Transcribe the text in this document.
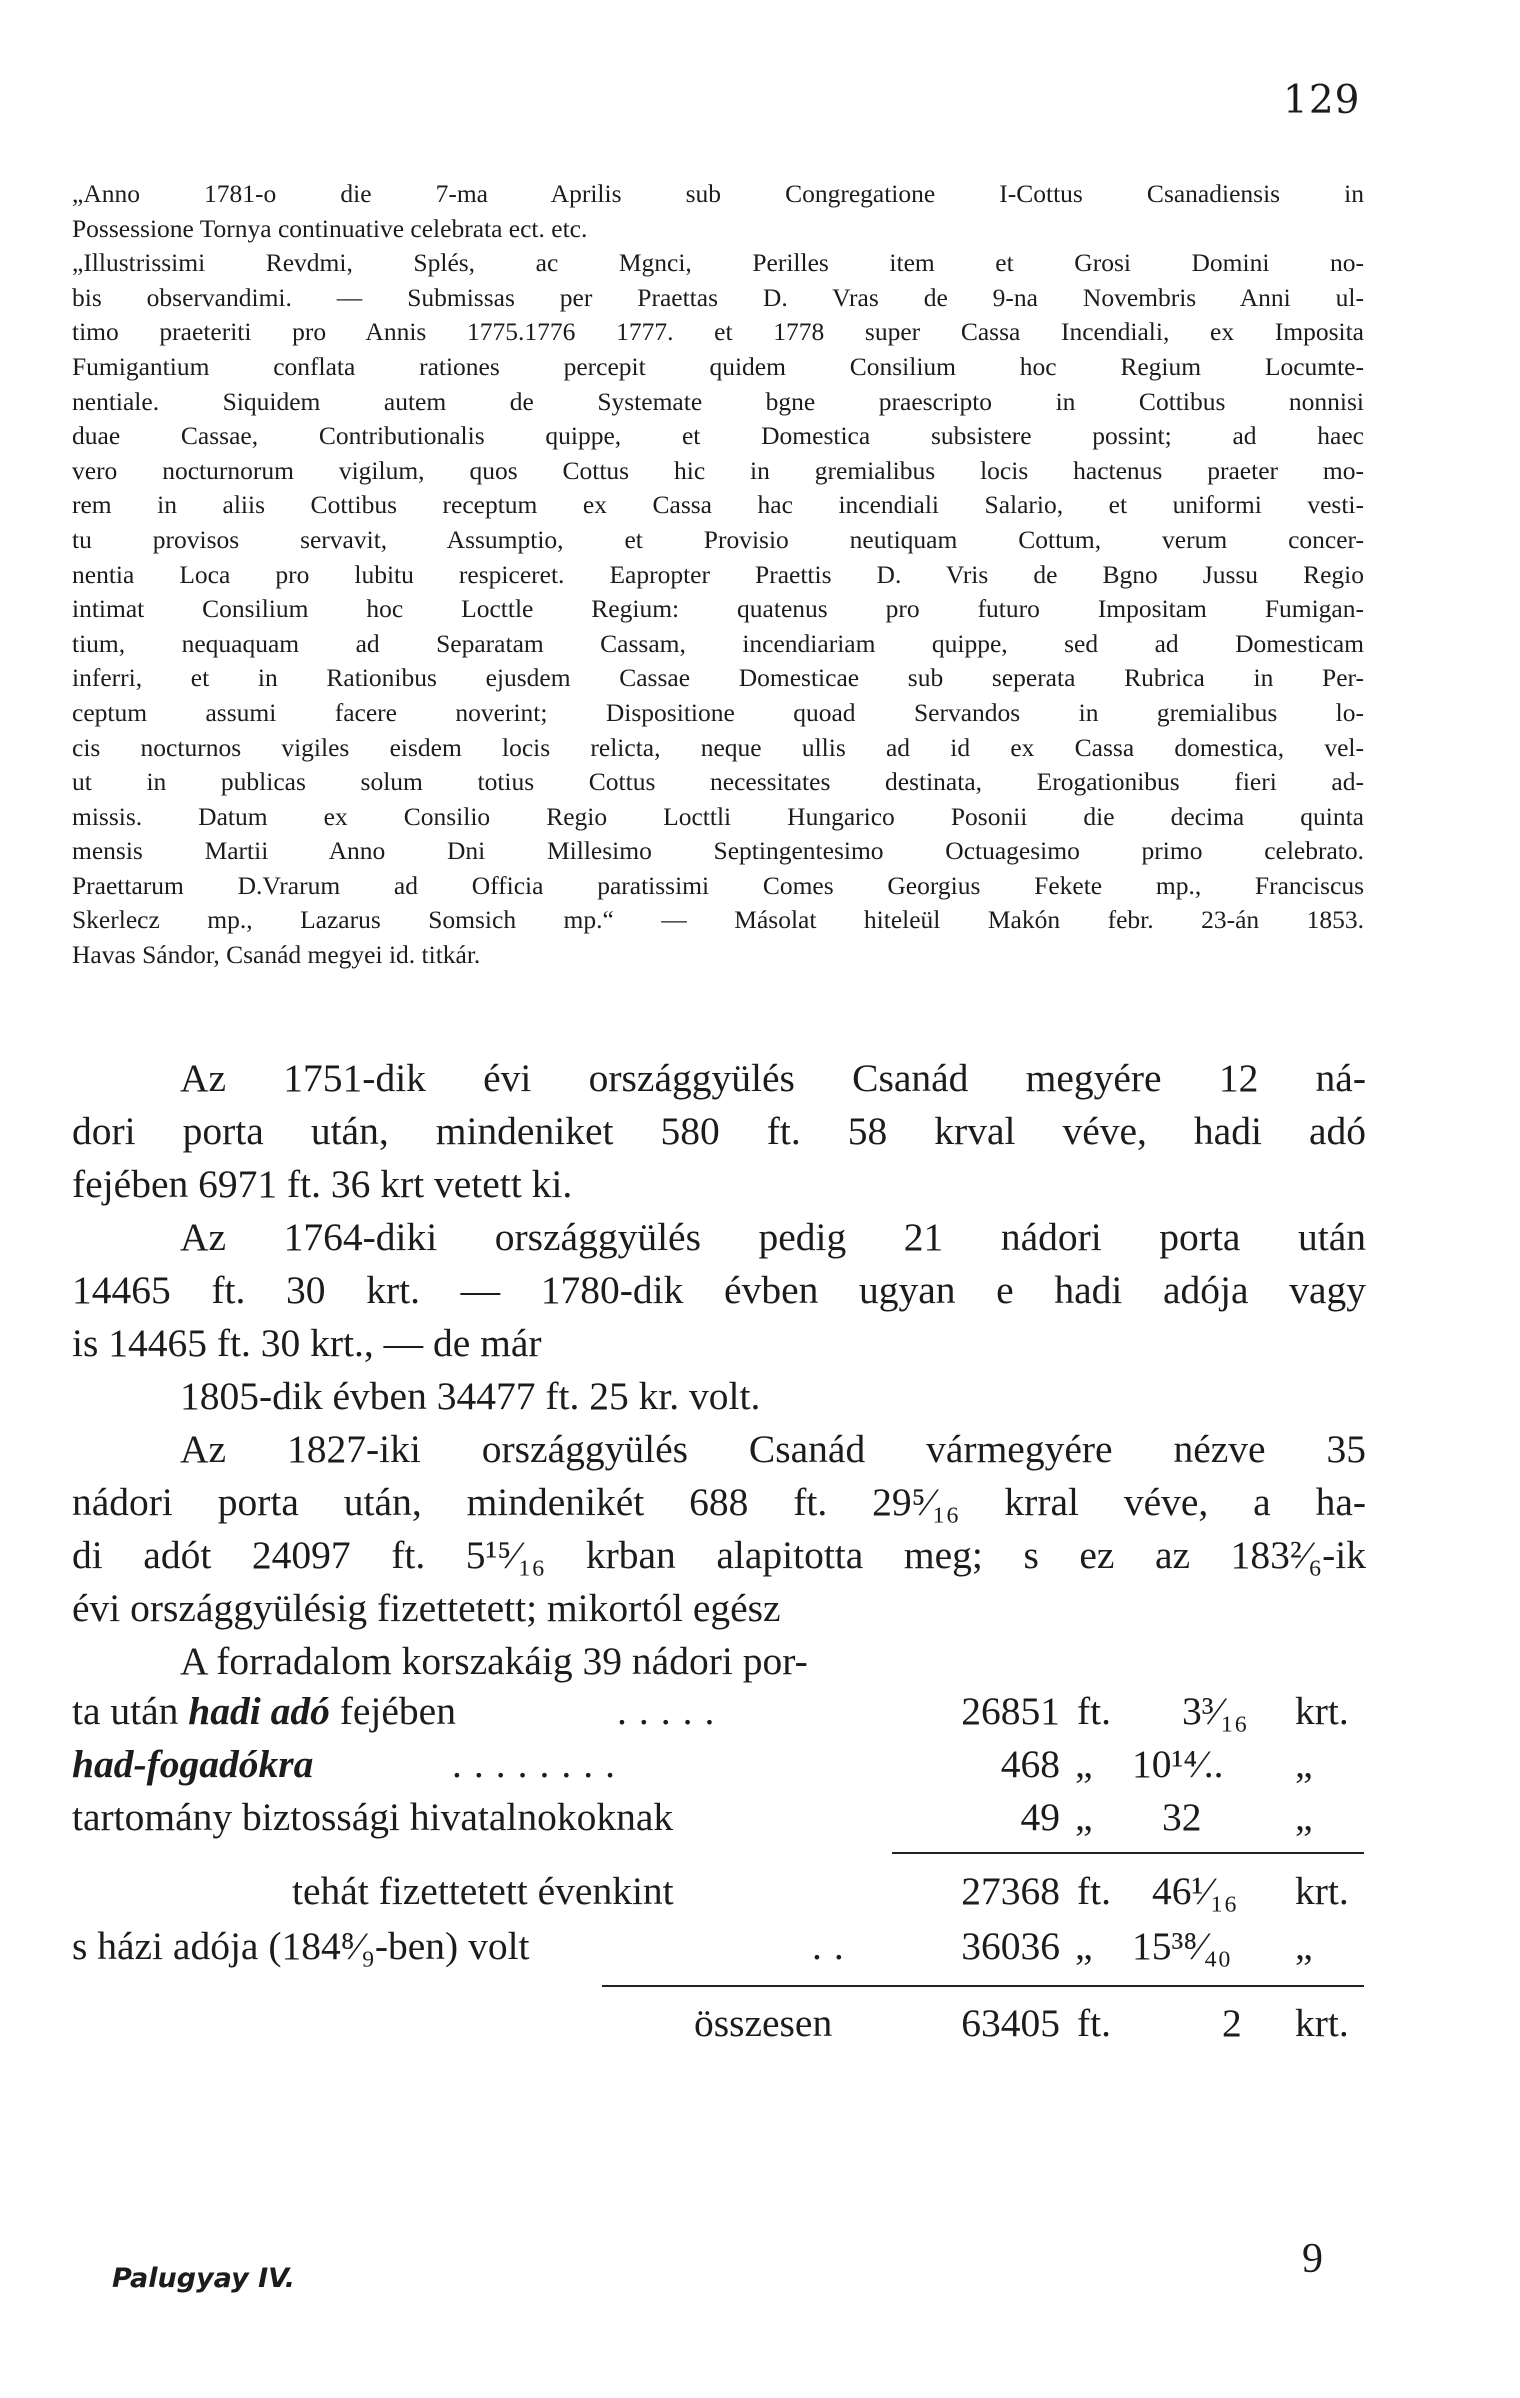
129
„Anno 1781-o die 7-ma Aprilis sub Congregatione I-Cottus Csanadiensis in
Possessione Tornya continuative celebrata ect. etc.
„Illustrissimi Revdmi, Splés, ac Mgnci, Perilles item et Grosi Domini no-
bis observandimi. — Submissas per Praettas D. Vras de 9-na Novembris Anni ul-
timo praeteriti pro Annis 1775.1776 1777. et 1778 super Cassa Incendiali, ex Imposita
Fumigantium conflata rationes percepit quidem Consilium hoc Regium Locumte-
nentiale. Siquidem autem de Systemate bgne praescripto in Cottibus nonnisi
duae Cassae, Contributionalis quippe, et Domestica subsistere possint; ad haec
vero nocturnorum vigilum, quos Cottus hic in gremialibus locis hactenus praeter mo-
rem in aliis Cottibus receptum ex Cassa hac incendiali Salario, et uniformi vesti-
tu provisos servavit, Assumptio, et Provisio neutiquam Cottum, verum concer-
nentia Loca pro lubitu respiceret. Eapropter Praettis D. Vris de Bgno Jussu Regio
intimat Consilium hoc Locttle Regium: quatenus pro futuro Impositam Fumigan-
tium, nequaquam ad Separatam Cassam, incendiariam quippe, sed ad Domesticam
inferri, et in Rationibus ejusdem Cassae Domesticae sub seperata Rubrica in Per-
ceptum assumi facere noverint; Dispositione quoad Servandos in gremialibus lo-
cis nocturnos vigiles eisdem locis relicta, neque ullis ad id ex Cassa domestica, vel-
ut in publicas solum totius Cottus necessitates destinata, Erogationibus fieri ad-
missis. Datum ex Consilio Regio Locttli Hungarico Posonii die decima quinta
mensis Martii Anno Dni Millesimo Septingentesimo Octuagesimo primo celebrato.
Praettarum D.Vrarum ad Officia paratissimi Comes Georgius Fekete mp., Franciscus
Skerlecz mp., Lazarus Somsich mp.“ — Másolat hiteleül Makón febr. 23-án 1853.
Havas Sándor, Csanád megyei id. titkár.
Az 1751-dik évi országgyülés Csanád megyére 12 ná-
dori porta után, mindeniket 580 ft. 58 krval véve, hadi adó
fejében 6971 ft. 36 krt vetett ki.
Az 1764-diki országgyülés pedig 21 nádori porta után
14465 ft. 30 krt. — 1780-dik évben ugyan e hadi adója vagy
is 14465 ft. 30 krt., — de már
1805-dik évben 34477 ft. 25 kr. volt.
Az 1827-iki országgyülés Csanád vármegyére nézve 35
nádori porta után, mindenikét 688 ft. 29⁵⁄₁₆ krral véve, a ha-
di adót 24097 ft. 5¹⁵⁄₁₆ krban alapitotta meg; s ez az 183²⁄₆-ik
évi országgyülésig fizettetett; mikortól egész
A forradalom korszakáig 39 nádori por-
ta után hadi adó fejében	.....	26851 ft. 3³⁄₁₆ krt.
had-fogadókra	........	468 „ 10¹⁴⁄.. „
tartomány biztossági hivatalnokoknak	49 „ 32 „
tehát fizettetett évenkint	27368 ft. 46¹⁄₁₆ krt.
s házi adója (184⁸⁄₉-ben) volt	..	36036 „ 15³⁸⁄₄₀ „
összesen	63405 ft.	2 krt.
Palugyay IV.	9
